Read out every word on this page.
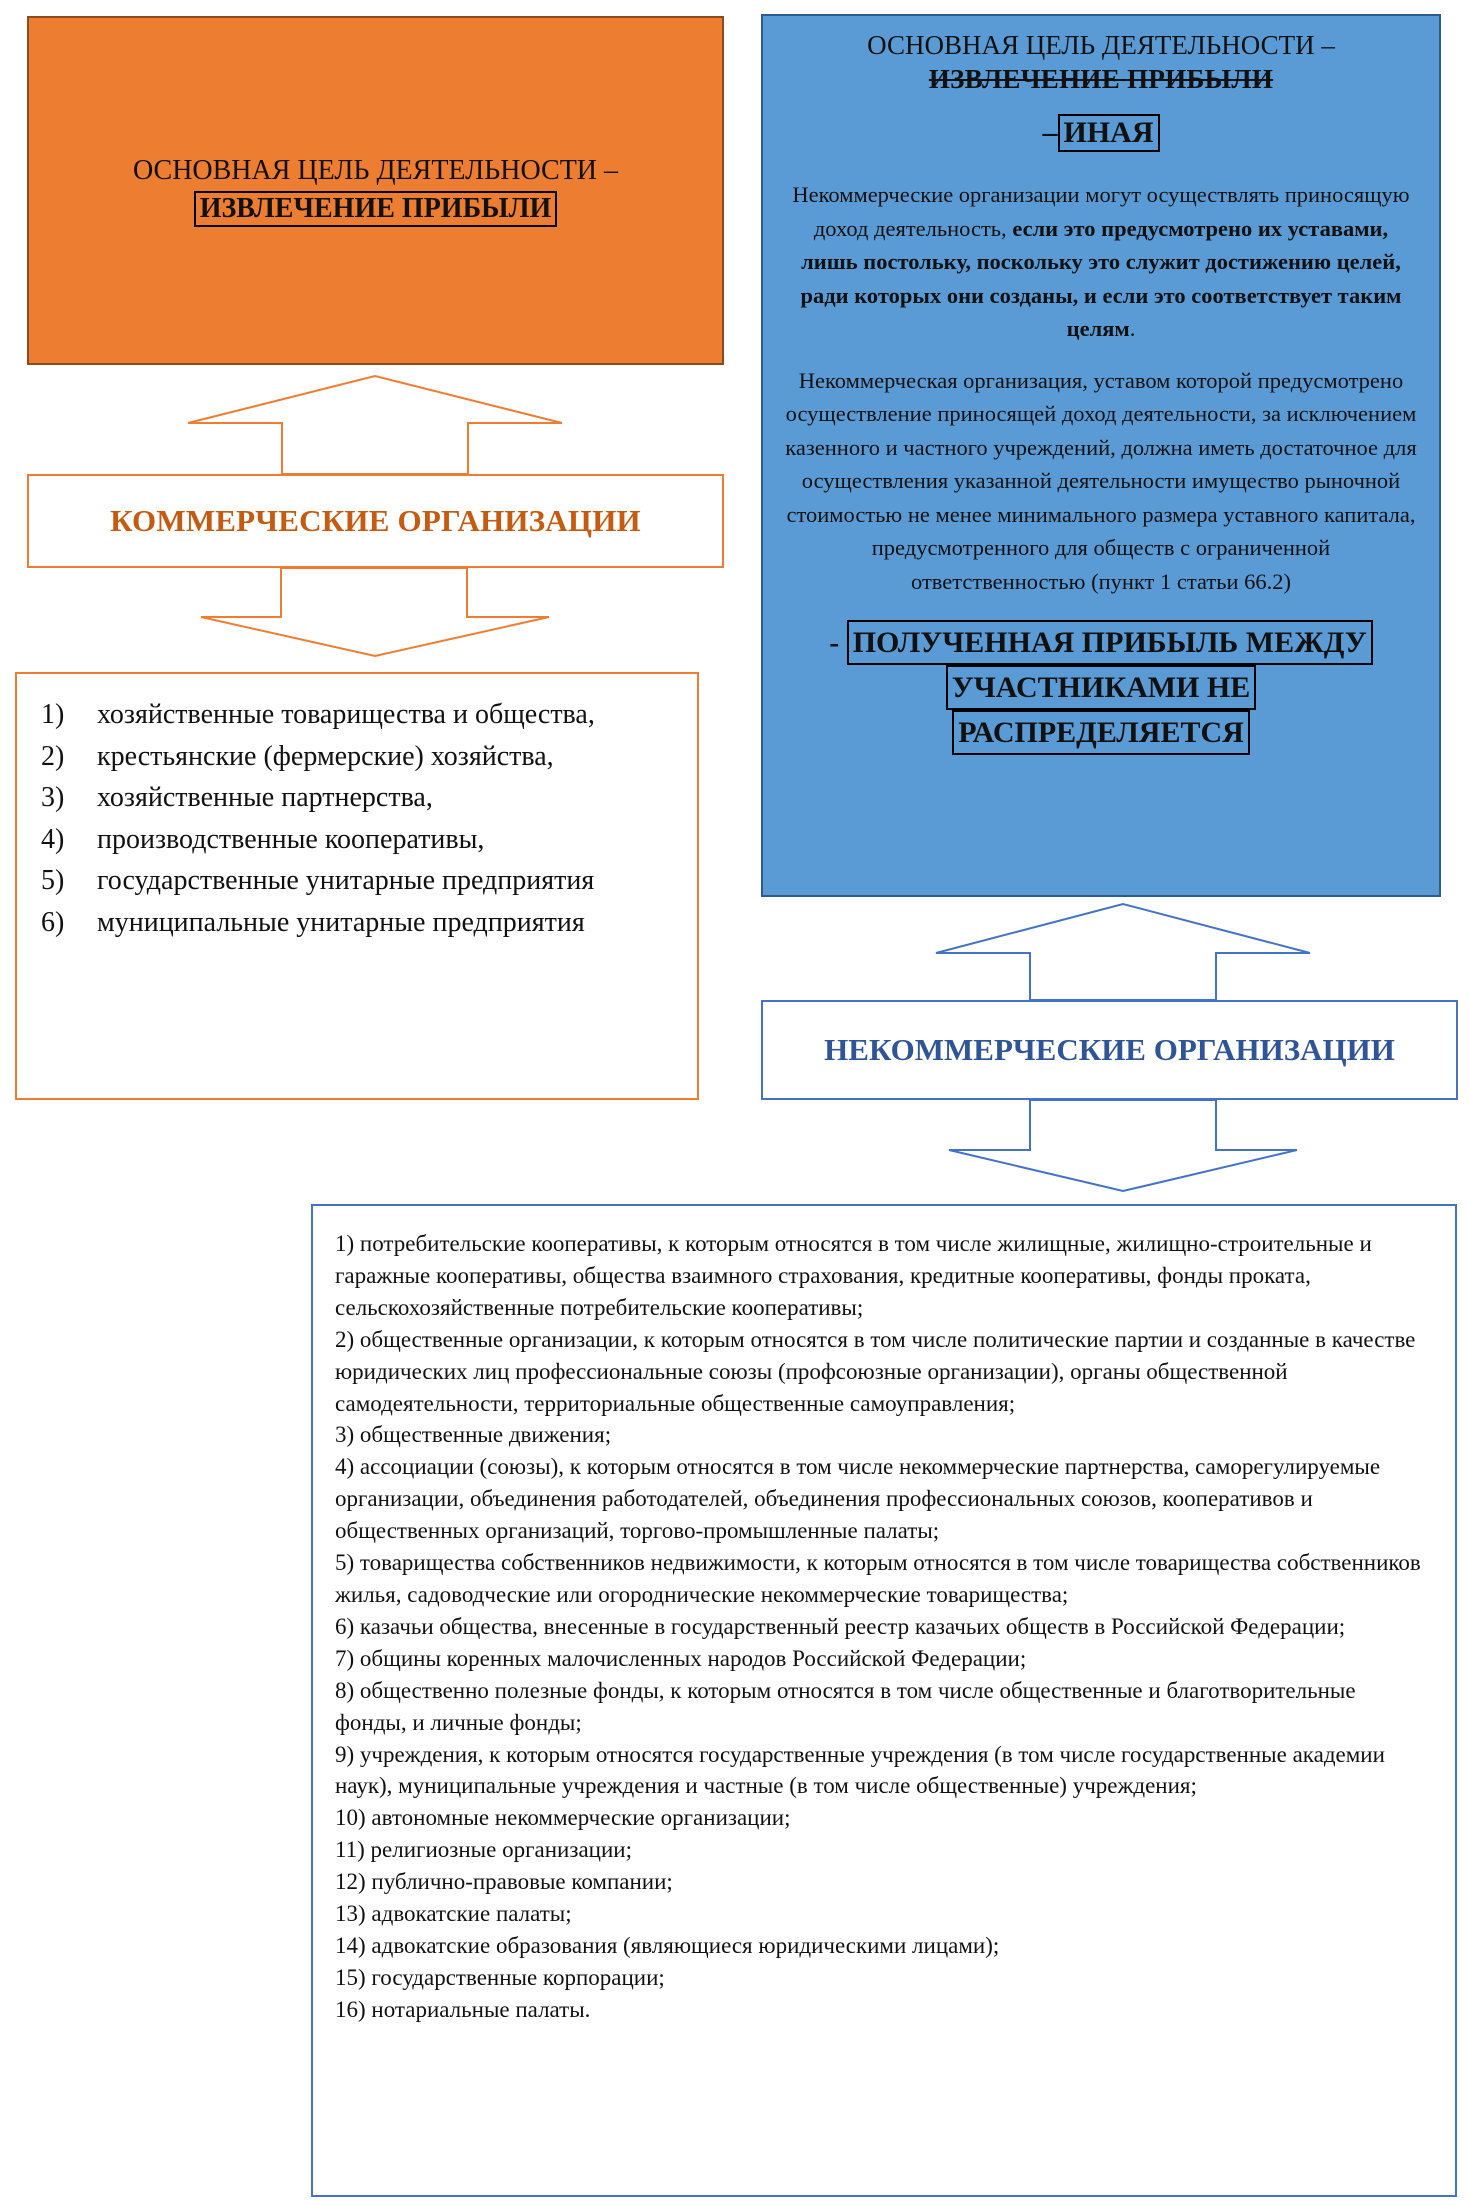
ОСНОВНАЯ ЦЕЛЬ ДЕЯТЕЛЬНОСТИ –
ИЗВЛЕЧЕНИЕ ПРИБЫЛИ
КОММЕРЧЕСКИЕ ОРГАНИЗАЦИИ
1) хозяйственные товарищества и общества,
2) крестьянские (фермерские) хозяйства,
3) хозяйственные партнерства,
4) производственные кооперативы,
5) государственные унитарные предприятия
6) муниципальные унитарные предприятия
ОСНОВНАЯ ЦЕЛЬ ДЕЯТЕЛЬНОСТИ –
ИЗВЛЕЧЕНИЕ ПРИБЫЛИ
– ИНАЯ
Некоммерческие организации могут осуществлять приносящую доход деятельность, если это предусмотрено их уставами, лишь постольку, поскольку это служит достижению целей, ради которых они созданы, и если это соответствует таким целям.
Некоммерческая организация, уставом которой предусмотрено осуществление приносящей доход деятельности, за исключением казенного и частного учреждений, должна иметь достаточное для осуществления указанной деятельности имущество рыночной стоимостью не менее минимального размера уставного капитала, предусмотренного для обществ с ограниченной ответственностью (пункт 1 статьи 66.2)
- ПОЛУЧЕННАЯ ПРИБЫЛЬ МЕЖДУ
УЧАСТНИКАМИ НЕ
РАСПРЕДЕЛЯЕТСЯ
НЕКОММЕРЧЕСКИЕ ОРГАНИЗАЦИИ
1) потребительские кооперативы, к которым относятся в том числе жилищные, жилищно-строительные и гаражные кооперативы, общества взаимного страхования, кредитные кооперативы, фонды проката, сельскохозяйственные потребительские кооперативы;
2) общественные организации, к которым относятся в том числе политические партии и созданные в качестве юридических лиц профессиональные союзы (профсоюзные организации), органы общественной самодеятельности, территориальные общественные самоуправления;
3) общественные движения;
4) ассоциации (союзы), к которым относятся в том числе некоммерческие партнерства, саморегулируемые организации, объединения работодателей, объединения профессиональных союзов, кооперативов и общественных организаций, торгово-промышленные палаты;
5) товарищества собственников недвижимости, к которым относятся в том числе товарищества собственников жилья, садоводческие или огороднические некоммерческие товарищества;
6) казачьи общества, внесенные в государственный реестр казачьих обществ в Российской Федерации;
7) общины коренных малочисленных народов Российской Федерации;
8) общественно полезные фонды, к которым относятся в том числе общественные и благотворительные фонды, и личные фонды;
9) учреждения, к которым относятся государственные учреждения (в том числе государственные академии наук), муниципальные учреждения и частные (в том числе общественные) учреждения;
10) автономные некоммерческие организации;
11) религиозные организации;
12) публично-правовые компании;
13) адвокатские палаты;
14) адвокатские образования (являющиеся юридическими лицами);
15) государственные корпорации;
16) нотариальные палаты.
